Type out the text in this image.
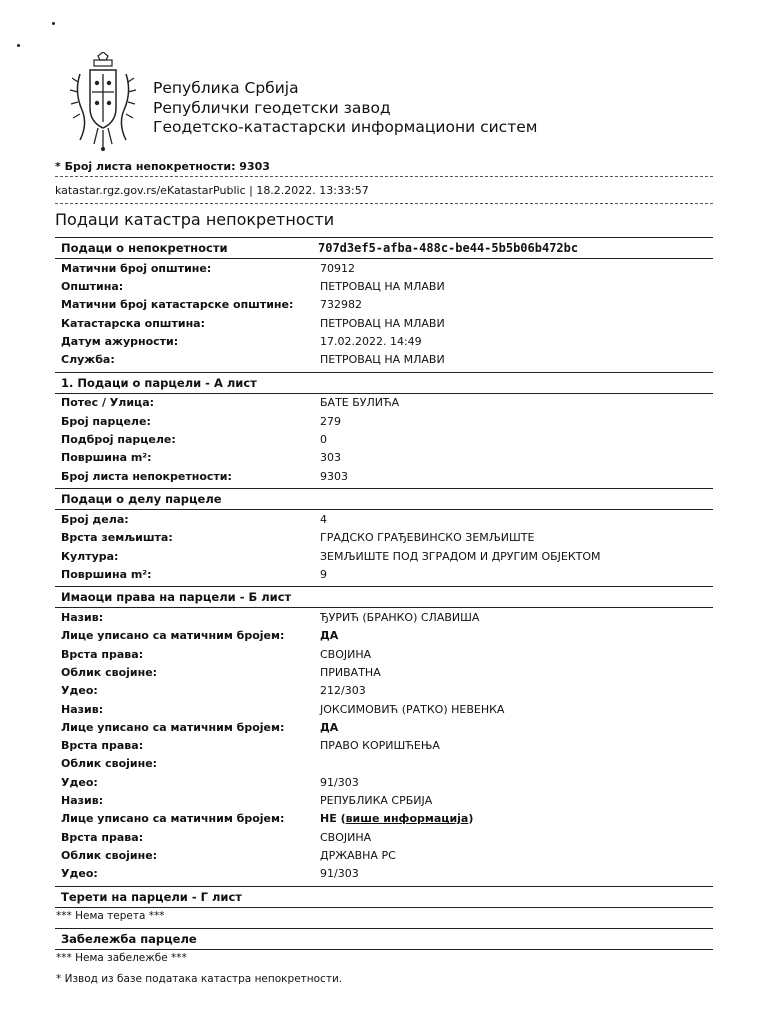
Република Србија
Републички геодетски завод
Геодетско-катастарски информациони систем
* Број листа непокретности: 9303
katastar.rgz.gov.rs/eKatastarPublic | 18.2.2022. 13:33:57
Подаци катастра непокретности
Подаци о непокретности	707d3ef5-afba-488c-be44-5b5b06b472bc
Матични број општине:	70912
Општина:	ПЕТРОВАЦ НА МЛАВИ
Матични број катастарске општине:	732982
Катастарска општина:	ПЕТРОВАЦ НА МЛАВИ
Датум ажурности:	17.02.2022. 14:49
Служба:	ПЕТРОВАЦ НА МЛАВИ
1. Подаци о парцели - А лист
Потес / Улица:	БАТЕ БУЛИЋА
Број парцеле:	279
Подброј парцеле:	0
Површина m²:	303
Број листа непокретности:	9303
Подаци о делу парцеле
Број дела:	4
Врста земљишта:	ГРАДСКО ГРАЂЕВИНСКО ЗЕМЉИШТЕ
Култура:	ЗЕМЉИШТЕ ПОД ЗГРАДОМ И ДРУГИМ ОБЈЕКТОМ
Површина m²:	9
Имаоци права на парцели - Б лист
Назив:	ЂУРИЋ (БРАНКО) СЛАВИША
Лице уписано са матичним бројем:	ДА
Врста права:	СВОЈИНА
Облик својине:	ПРИВАТНА
Удео:	212/303
Назив:	ЈОКСИМОВИЋ (РАТКО) НЕВЕНКА
Лице уписано са матичним бројем:	ДА
Врста права:	ПРАВО КОРИШЋЕЊА
Облик својине:
Удео:	91/303
Назив:	РЕПУБЛИКА СРБИЈА
Лице уписано са матичним бројем:	НЕ (више информација)
Врста права:	СВОЈИНА
Облик својине:	ДРЖАВНА РС
Удео:	91/303
Терети на парцели - Г лист
*** Нема терета ***
Забележба парцеле
*** Нема забележбе ***
* Извод из базе података катастра непокретности.
